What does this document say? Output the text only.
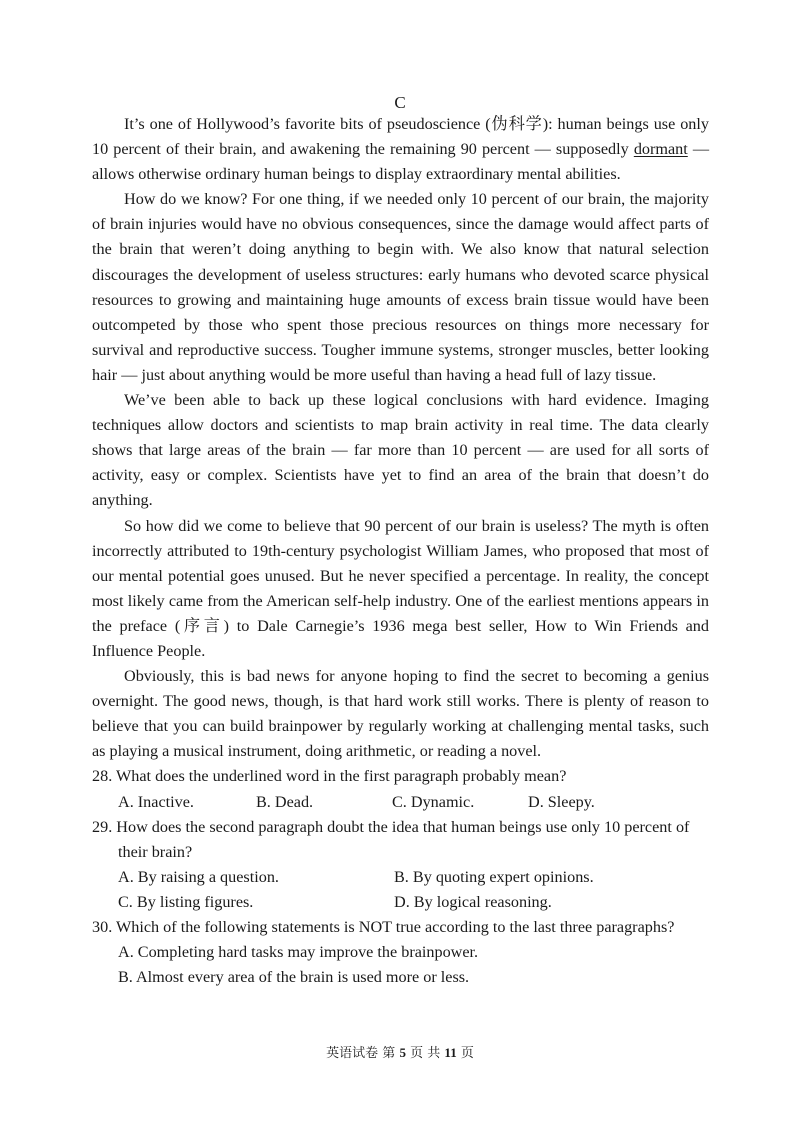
C

It’s one of Hollywood’s favorite bits of pseudoscience (伪科学): human beings use only 10 percent of their brain, and awakening the remaining 90 percent — supposedly dormant — allows otherwise ordinary human beings to display extraordinary mental abilities.

How do we know? For one thing, if we needed only 10 percent of our brain, the majority of brain injuries would have no obvious consequences, since the damage would affect parts of the brain that weren’t doing anything to begin with. We also know that natural selection discourages the development of useless structures: early humans who devoted scarce physical resources to growing and maintaining huge amounts of excess brain tissue would have been outcompeted by those who spent those precious resources on things more necessary for survival and reproductive success. Tougher immune systems, stronger muscles, better looking hair — just about anything would be more useful than having a head full of lazy tissue.

We’ve been able to back up these logical conclusions with hard evidence. Imaging techniques allow doctors and scientists to map brain activity in real time. The data clearly shows that large areas of the brain — far more than 10 percent — are used for all sorts of activity, easy or complex. Scientists have yet to find an area of the brain that doesn’t do anything.

So how did we come to believe that 90 percent of our brain is useless? The myth is often incorrectly attributed to 19th-century psychologist William James, who proposed that most of our mental potential goes unused. But he never specified a percentage. In reality, the concept most likely came from the American self-help industry. One of the earliest mentions appears in the preface (序言) to Dale Carnegie’s 1936 mega best seller, How to Win Friends and Influence People.

Obviously, this is bad news for anyone hoping to find the secret to becoming a genius overnight. The good news, though, is that hard work still works. There is plenty of reason to believe that you can build brainpower by regularly working at challenging mental tasks, such as playing a musical instrument, doing arithmetic, or reading a novel.

28. What does the underlined word in the first paragraph probably mean?
A. Inactive.	B. Dead.	C. Dynamic.	D. Sleepy.
29. How does the second paragraph doubt the idea that human beings use only 10 percent of their brain?
A. By raising a question.	B. By quoting expert opinions.
C. By listing figures.	D. By logical reasoning.
30. Which of the following statements is NOT true according to the last three paragraphs?
A. Completing hard tasks may improve the brainpower.
B. Almost every area of the brain is used more or less.
英语试卷 第 5 页 共 11 页
